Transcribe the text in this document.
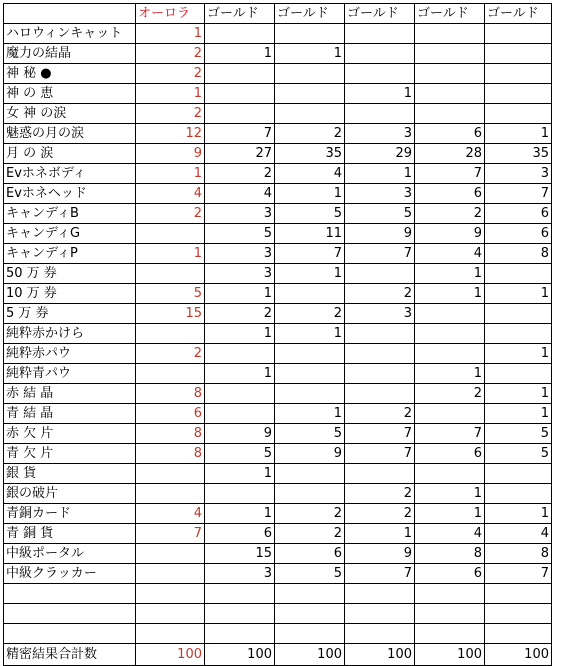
	オーロラ	ゴールド	ゴールド	ゴールド	ゴールド	ゴールド
ハロウィンキャット	1					
魔力の結晶	2	1	1			
神 秘 ●	2					
神 の 恵	1			1		
女 神 の涙	2					
魅惑の月の涙	12	7	2	3	6	1
月 の 涙	9	27	35	29	28	35
Evホネボディ	1	2	4	1	7	3
Evホネヘッド	4	4	1	3	6	7
キャンディB	2	3	5	5	2	6
キャンディG		5	11	9	9	6
キャンディP	1	3	7	7	4	8
50 万 券		3	1		1	
10 万 券	5	1		2	1	1
5 万 券	15	2	2	3		
純粋赤かけら		1	1			
純粋赤パウ	2					1
純粋青パウ		1			1	
赤 結 晶	8				2	1
青 結 晶	6		1	2		1
赤 欠 片	8	9	5	7	7	5
青 欠 片	8	5	9	7	6	5
銀 貨		1				
銀の破片				2	1	
青銅カード	4	1	2	2	1	1
青 銅 貨	7	6	2	1	4	4
中級ポータル		15	6	9	8	8
中級クラッカー		3	5	7	6	7

精密結果合計数	100	100	100	100	100	100
